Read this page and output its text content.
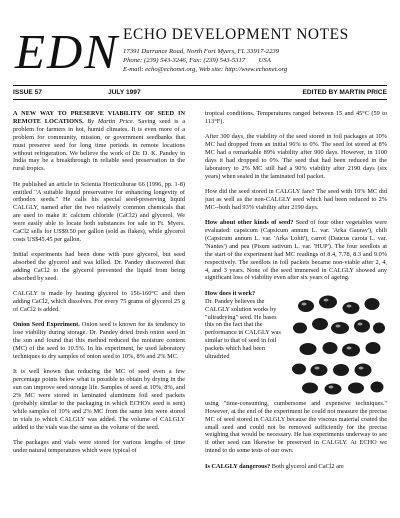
EDN ECHO DEVELOPMENT NOTES
17391 Durrance Road, North Fort Myers, FL 33917-2239
Phone: (239) 543-3246, Fax: (239) 543-5317        USA
E-mail: echo@echonet.org, Web site: http://www.echonet.org
ISSUE 57	JULY 1997	EDITED BY MARTIN PRICE

A NEW WAY TO PRESERVE VIABILITY OF SEED IN REMOTE LOCATIONS. By Martin Price. Saving seed is a problem for farmers in hot, humid climates. It is even more of a problem for community, mission, or government seedbanks that must preserve seed for long time periods in remote locations without refrigeration. We believe the work of Dr. D. K. Pandey in India may be a breakthrough in reliable seed preservation in the rural tropics.

He published an article in Scientia Horticulturae 66 (1996, pp. 1-8) entitled "A suitable liquid preservative for enhancing longevity of orthodox seeds." He calls his special seed-preserving liquid CALGLY, named after the two relatively common chemicals that are used to make it: calcium chloride (CaCl2) and glycerol. We were easily able to locate both substances for sale in Ft. Myers. CaCl2 sells for US$9.50 per gallon (sold as flakes), while glycerol costs US$45.45 per gallon.

Initial experiments had been done with pure glycerol, but seed absorbed the glycerol and was killed. Dr. Pandey discovered that adding CaCl2 to the glycerol prevented the liquid from being absorbed by seed.

CALGLY is made by heating glycerol to 156-160°C and then adding CaCl2, which dissolves. For every 75 grams of glycerol 25 g of CaCl2 is added.

Onion Seed Experiment. Onion seed is known for its tendency to lose viability during storage. Dr. Pandey dried fresh onion seed in the sun and found that this method reduced the moisture content (MC) of the seed to 10.5%. In his experiment, he used laboratory techniques to dry samples of onion seed to 10%, 8% and 2% MC.

It is well known that reducing the MC of seed even a few percentage points below what is possible to obtain by drying in the sun can improve seed storage life. Samples of seed at 10%, 8%, and 2% MC were stored in laminated aluminum foil seed packets (probably similar to the packaging in which ECHO's seed is sent) while samples of 10% and 2% MC from the same lots were stored in vials to which CALGLY was added. The volume of CALGLY added to the vials was the same as the volume of the seed.

The packages and vials were stored for various lengths of time under natural temperatures which were typical of

tropical conditions. Temperatures ranged between 15 and 45°C (59 to 113°F).

After 300 days, the viability of the seed stored in foil packages at 10% MC had dropped from an initial 96% to 0%. The seed lot stored at 8% MC had a remarkable 89% viability after 900 days. However, in 1100 days it had dropped to 0%. The seed that had been reduced in the laboratory to 2% MC still had a 90% viability after 2190 days (six years) when sealed in the laminated foil packet.

How did the seed stored in CALGLY fare? The seed with 10% MC did just as well as the non-CALGLY seed which had been reduced to 2% MC--both had 93% viability after 2190 days.

How about other kinds of seed? Seed of four other vegetables were evaluated: capsicum (Capsicum annum L. var. 'Arka Gaurav'), chili (Capsicum annum L. var. 'Arka Lohit'), carrot (Daucus carota L. var. 'Nantes') and pea (Pisum sativum L. var. 'HUP'). The four seedlots at the start of the experiment had MC readings of 8.4, 7.78, 8.3 and 9.0% respectively. The seedlots in foil packets became non-viable after 2, 4, 4, and 3 years. None of the seed immersed in CALGLY showed any significant loss of viability even after six years of ageing.

How does it work?
Dr. Pandey believes the CALGLY solution works by "ultradrying" seed. He bases this on the fact that the performance in CALGLY was similar to that of seed in foil packets which had been ultradried

using "time-consuming, cumbersome and expensive techniques." However, at the end of the experiment he could not measure the precise MC of seed stored in CALGLY because the viscous material coated the small seed and could not be removed sufficiently for the precise weighing that would be necessary. He has experiments underway to see if other seed can likewise be preserved in CALGLY. At ECHO we intend to do some tests of our own.

Is CALGLY dangerous? Both glycerol and CaCl2 are
